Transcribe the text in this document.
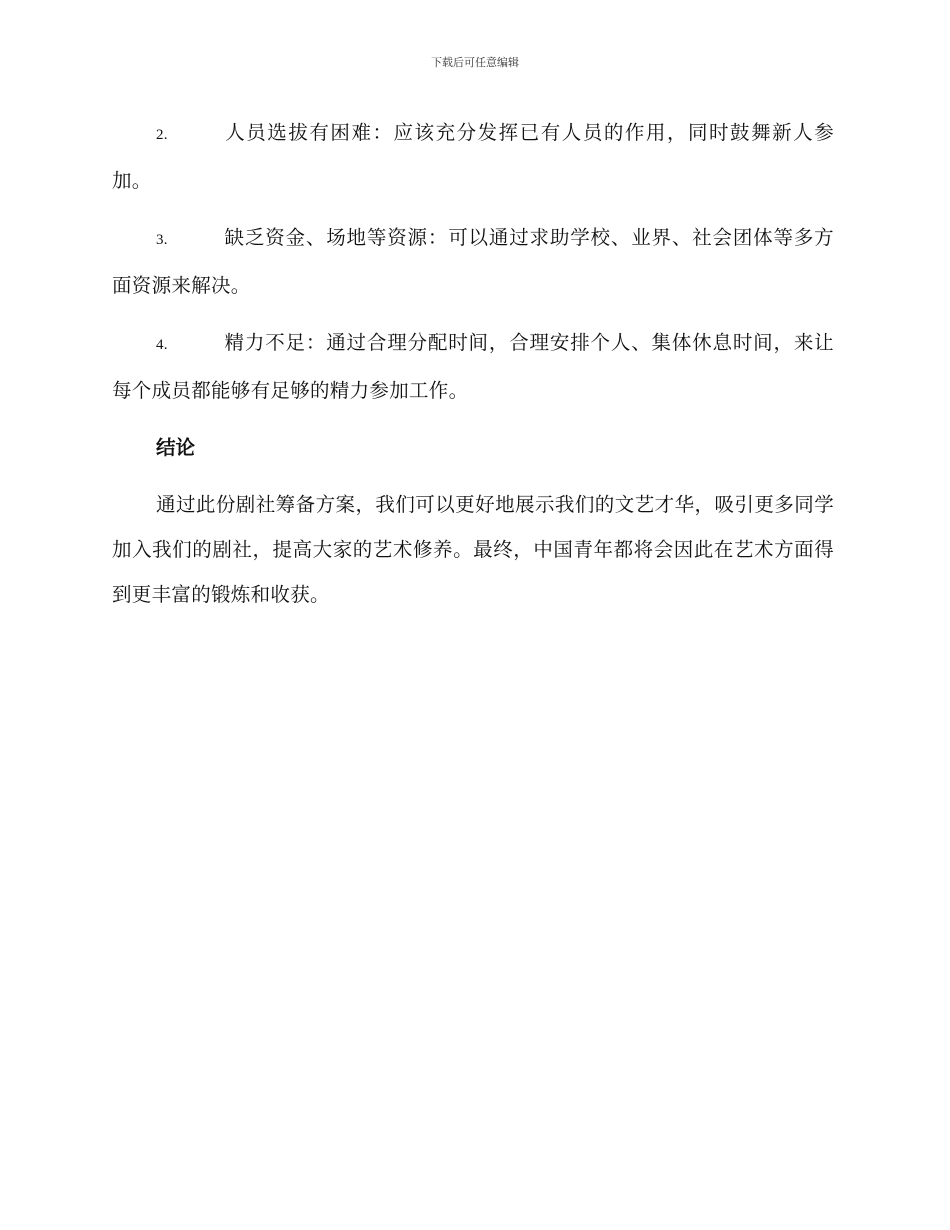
下载后可任意编辑

2.	人员选拔有困难：应该充分发挥已有人员的作用，同时鼓舞新人参加。

3.	缺乏资金、场地等资源：可以通过求助学校、业界、社会团体等多方面资源来解决。

4.	精力不足：通过合理分配时间，合理安排个人、集体休息时间，来让每个成员都能够有足够的精力参加工作。

结论

通过此份剧社筹备方案，我们可以更好地展示我们的文艺才华，吸引更多同学加入我们的剧社，提高大家的艺术修养。最终，中国青年都将会因此在艺术方面得到更丰富的锻炼和收获。
